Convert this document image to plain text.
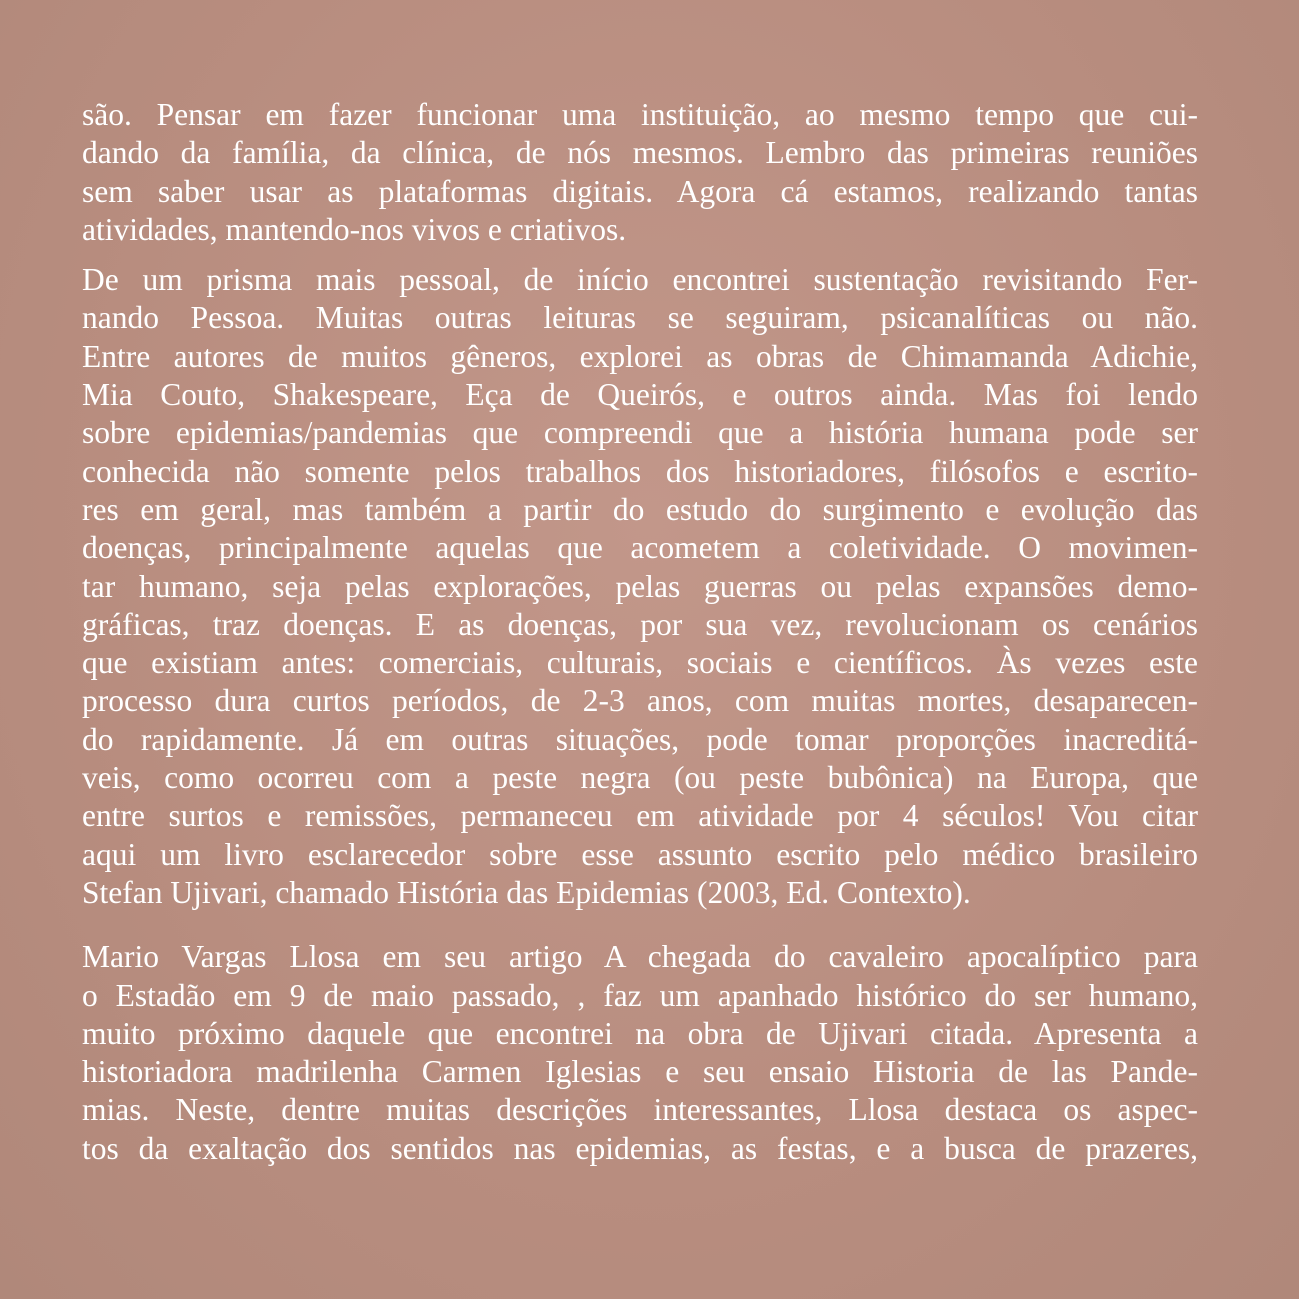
são. Pensar em fazer funcionar uma instituição, ao mesmo tempo que cui-
dando da família, da clínica, de nós mesmos. Lembro das primeiras reuniões
sem saber usar as plataformas digitais. Agora cá estamos, realizando tantas
atividades, mantendo-nos vivos e criativos.
De um prisma mais pessoal, de início encontrei sustentação revisitando Fer-
nando Pessoa. Muitas outras leituras se seguiram, psicanalíticas ou não.
Entre autores de muitos gêneros, explorei as obras de Chimamanda Adichie,
Mia Couto, Shakespeare, Eça de Queirós, e outros ainda. Mas foi lendo
sobre epidemias/pandemias que compreendi que a história humana pode ser
conhecida não somente pelos trabalhos dos historiadores, filósofos e escrito-
res em geral, mas também a partir do estudo do surgimento e evolução das
doenças, principalmente aquelas que acometem a coletividade. O movimen-
tar humano, seja pelas explorações, pelas guerras ou pelas expansões demo-
gráficas, traz doenças. E as doenças, por sua vez, revolucionam os cenários
que existiam antes: comerciais, culturais, sociais e científicos. Às vezes este
processo dura curtos períodos, de 2-3 anos, com muitas mortes, desaparecen-
do rapidamente. Já em outras situações, pode tomar proporções inacreditá-
veis, como ocorreu com a peste negra (ou peste bubônica) na Europa, que
entre surtos e remissões, permaneceu em atividade por 4 séculos! Vou citar
aqui um livro esclarecedor sobre esse assunto escrito pelo médico brasileiro
Stefan Ujivari, chamado História das Epidemias (2003, Ed. Contexto).
Mario Vargas Llosa em seu artigo A chegada do cavaleiro apocalíptico para
o Estadão em 9 de maio passado, , faz um apanhado histórico do ser humano,
muito próximo daquele que encontrei na obra de Ujivari citada. Apresenta a
historiadora madrilenha Carmen Iglesias e seu ensaio Historia de las Pande-
mias. Neste, dentre muitas descrições interessantes, Llosa destaca os aspec-
tos da exaltação dos sentidos nas epidemias, as festas, e a busca de prazeres,
